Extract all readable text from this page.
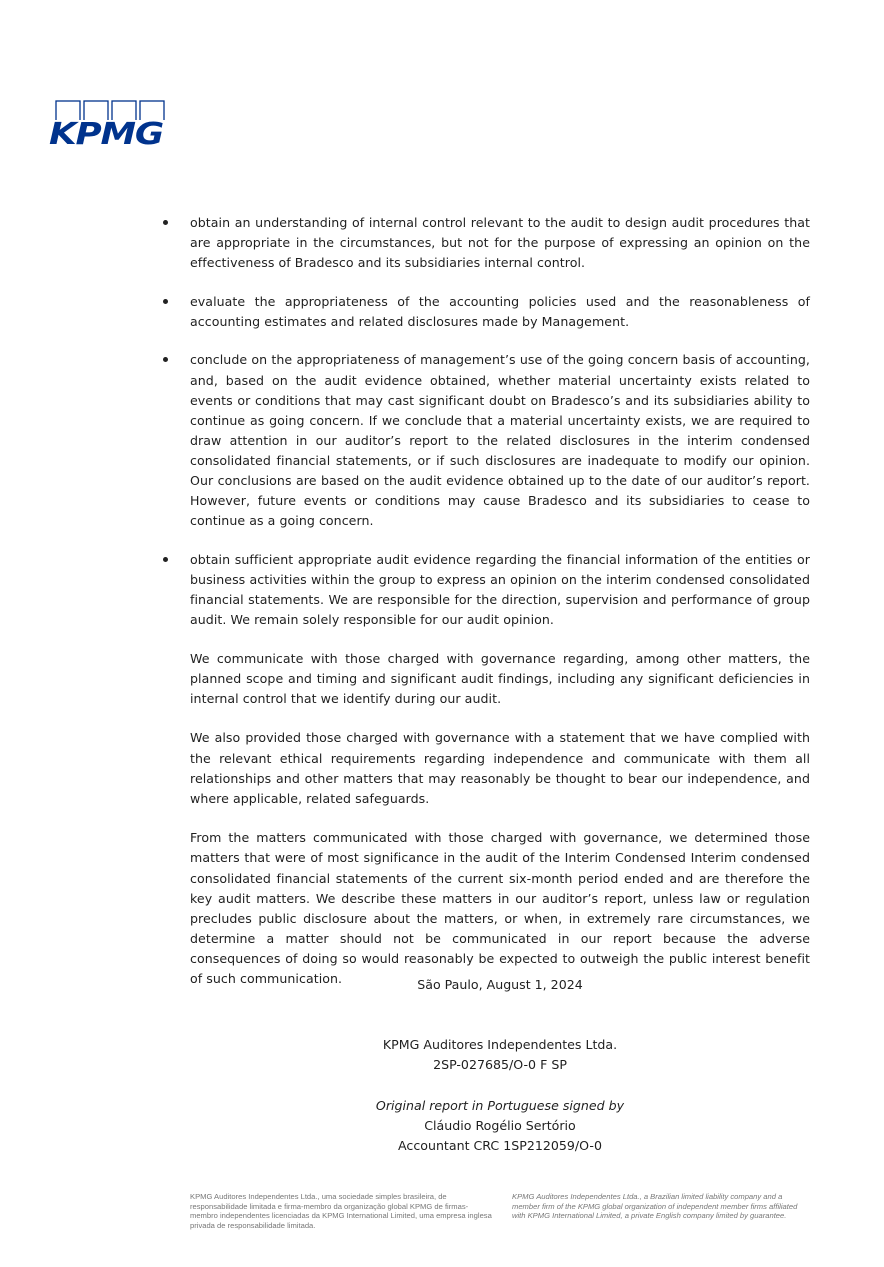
KPMG

obtain an understanding of internal control relevant to the audit to design audit procedures that are appropriate in the circumstances, but not for the purpose of expressing an opinion on the effectiveness of Bradesco and its subsidiaries internal control.

evaluate the appropriateness of the accounting policies used and the reasonableness of accounting estimates and related disclosures made by Management.

conclude on the appropriateness of management’s use of the going concern basis of accounting, and, based on the audit evidence obtained, whether material uncertainty exists related to events or conditions that may cast significant doubt on Bradesco’s and its subsidiaries ability to continue as going concern. If we conclude that a material uncertainty exists, we are required to draw attention in our auditor’s report to the related disclosures in the interim condensed consolidated financial statements, or if such disclosures are inadequate to modify our opinion. Our conclusions are based on the audit evidence obtained up to the date of our auditor’s report. However, future events or conditions may cause Bradesco and its subsidiaries to cease to continue as a going concern.

obtain sufficient appropriate audit evidence regarding the financial information of the entities or business activities within the group to express an opinion on the interim condensed consolidated financial statements. We are responsible for the direction, supervision and performance of group audit. We remain solely responsible for our audit opinion.

We communicate with those charged with governance regarding, among other matters, the planned scope and timing and significant audit findings, including any significant deficiencies in internal control that we identify during our audit.

We also provided those charged with governance with a statement that we have complied with the relevant ethical requirements regarding independence and communicate with them all relationships and other matters that may reasonably be thought to bear our independence, and where applicable, related safeguards.

From the matters communicated with those charged with governance, we determined those matters that were of most significance in the audit of the Interim Condensed Interim condensed consolidated financial statements of the current six-month period ended and are therefore the key audit matters. We describe these matters in our auditor’s report, unless law or regulation precludes public disclosure about the matters, or when, in extremely rare circumstances, we determine a matter should not be communicated in our report because the adverse consequences of doing so would reasonably be expected to outweigh the public interest benefit of such communication.	São Paulo, August 1, 2024
KPMG Auditores Independentes Ltda.
2SP-027685/O-0 F SP
Original report in Portuguese signed by
Cláudio Rogélio Sertório
Accountant CRC 1SP212059/O-0
KPMG Auditores Independentes Ltda., uma sociedade simples brasileira, de responsabilidade limitada e firma-membro da organização global KPMG de firmas-membro independentes licenciadas da KPMG International Limited, uma empresa inglesa privada de responsabilidade limitada.
KPMG Auditores Independentes Ltda., a Brazilian limited liability company and a member firm of the KPMG global organization of independent member firms affiliated with KPMG International Limited, a private English company limited by guarantee.
